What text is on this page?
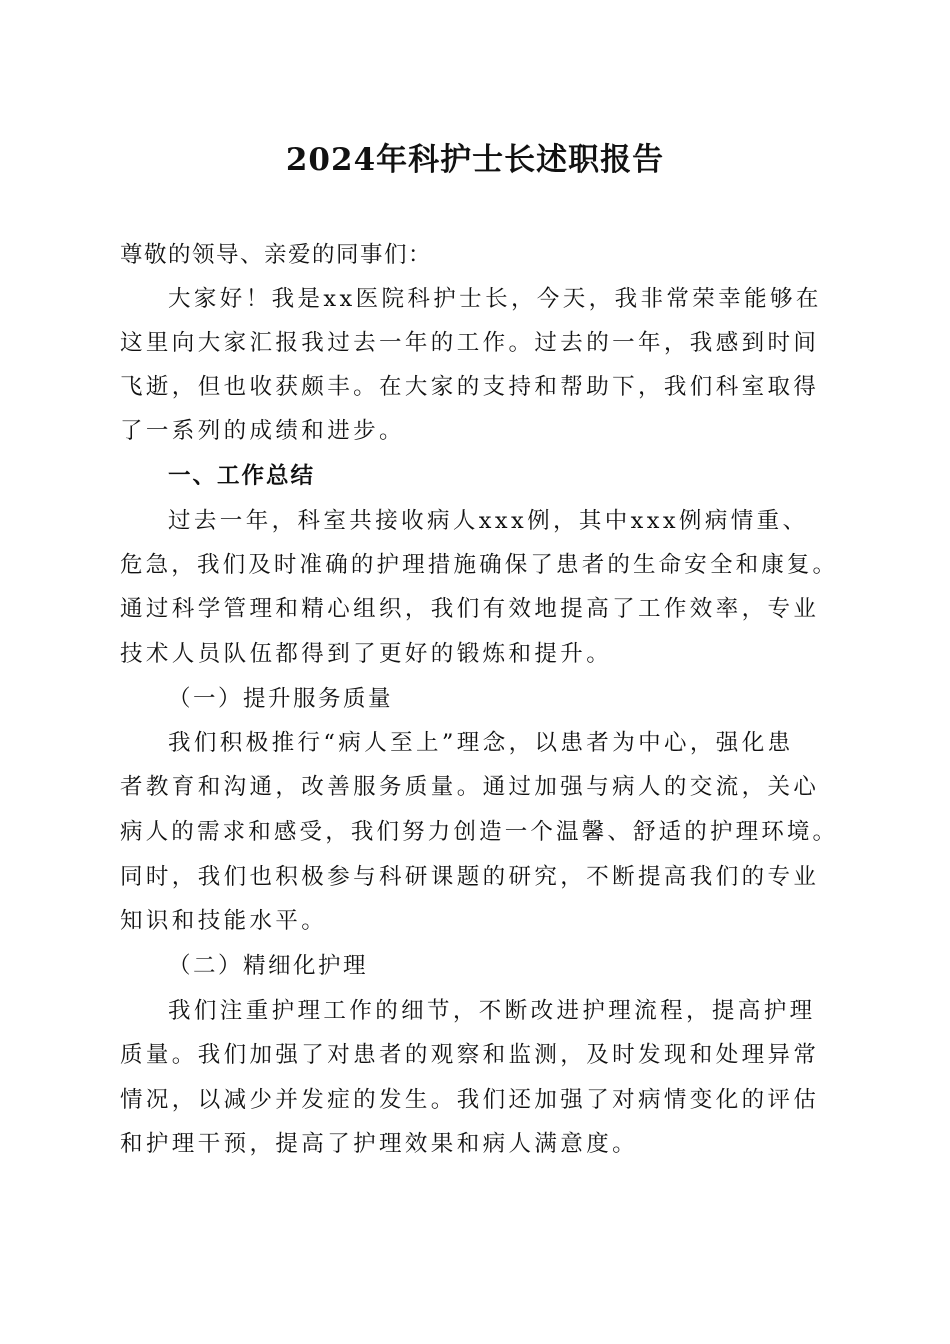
2024年科护士长述职报告
尊敬的领导、亲爱的同事们：
大家好！我是xx医院科护士长，今天，我非常荣幸能够在
这里向大家汇报我过去一年的工作。过去的一年，我感到时间
飞逝，但也收获颇丰。在大家的支持和帮助下，我们科室取得
了一系列的成绩和进步。
一、工作总结
过去一年，科室共接收病人xxx例，其中xxx例病情重、
危急，我们及时准确的护理措施确保了患者的生命安全和康复。
通过科学管理和精心组织，我们有效地提高了工作效率，专业
技术人员队伍都得到了更好的锻炼和提升。
（一）提升服务质量
我们积极推行“病人至上”理念，以患者为中心，强化患
者教育和沟通，改善服务质量。通过加强与病人的交流，关心
病人的需求和感受，我们努力创造一个温馨、舒适的护理环境。
同时，我们也积极参与科研课题的研究，不断提高我们的专业
知识和技能水平。
（二）精细化护理
我们注重护理工作的细节，不断改进护理流程，提高护理
质量。我们加强了对患者的观察和监测，及时发现和处理异常
情况，以减少并发症的发生。我们还加强了对病情变化的评估
和护理干预，提高了护理效果和病人满意度。
